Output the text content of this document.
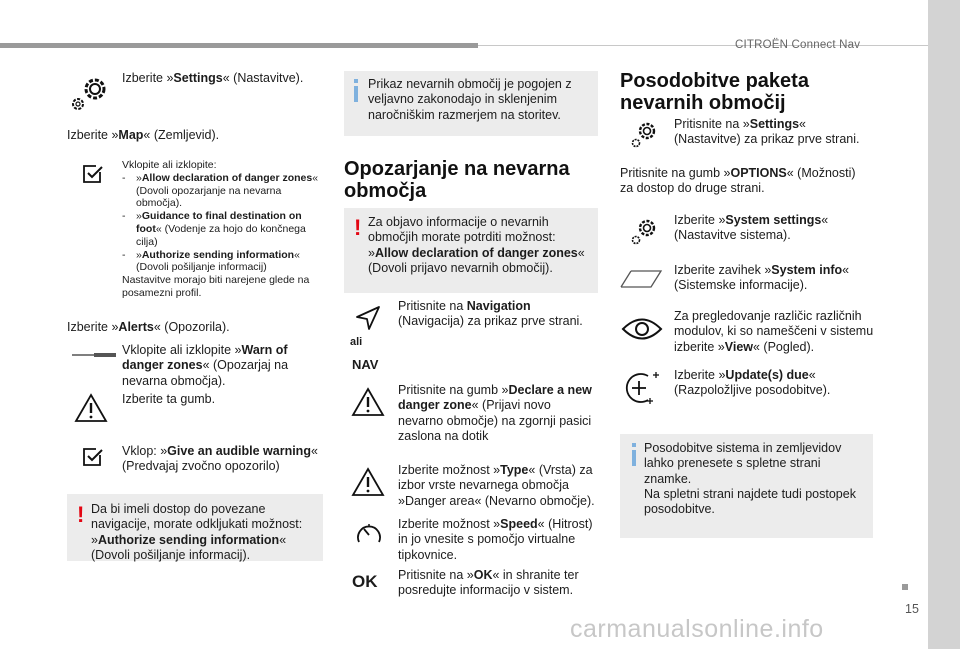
CITROËN Connect Nav
15
carmanualsonline.info
Izberite »Settings« (Nastavitve).
Izberite »Map« (Zemljevid).
Vklopite ali izklopite:
-	»Allow declaration of danger zones« (Dovoli opozarjanje na nevarna območja).
-	»Guidance to final destination on foot« (Vodenje za hojo do končnega cilja)
-	»Authorize sending information« (Dovoli pošiljanje informacij)
Nastavitve morajo biti narejene glede na posamezni profil.
Izberite »Alerts« (Opozorila).
Vklopite ali izklopite »Warn of danger zones« (Opozarjaj na nevarna območja).
Izberite ta gumb.
Vklop: »Give an audible warning« (Predvajaj zvočno opozorilo)
! Da bi imeli dostop do povezane navigacije, morate odkljukati možnost: »Authorize sending information« (Dovoli pošiljanje informacij).
Prikaz nevarnih območij je pogojen z veljavno zakonodajo in sklenjenim naročniškim razmerjem na storitev.
Opozarjanje na nevarna območja
! Za objavo informacije o nevarnih območjih morate potrditi možnost: »Allow declaration of danger zones« (Dovoli prijavo nevarnih območij).
ali
NAV
Pritisnite na Navigation (Navigacija) za prikaz prve strani.
Pritisnite na gumb »Declare a new danger zone« (Prijavi novo nevarno območje) na zgornji pasici zaslona na dotik
Izberite možnost »Type« (Vrsta) za izbor vrste nevarnega območja »Danger area« (Nevarno območje).
Izberite možnost »Speed« (Hitrost) in jo vnesite s pomočjo virtualne tipkovnice.
OK Pritisnite na »OK« in shranite ter posredujte informacijo v sistem.
Posodobitve paketa nevarnih območij
Pritisnite na »Settings« (Nastavitve) za prikaz prve strani.
Pritisnite na gumb »OPTIONS« (Možnosti) za dostop do druge strani.
Izberite »System settings« (Nastavitve sistema).
Izberite zavihek »System info« (Sistemske informacije).
Za pregledovanje različic različnih modulov, ki so nameščeni v sistemu izberite »View« (Pogled).
Izberite »Update(s) due« (Razpoložljive posodobitve).
Posodobitve sistema in zemljevidov lahko prenesete s spletne strani znamke.
Na spletni strani najdete tudi postopek posodobitve.
